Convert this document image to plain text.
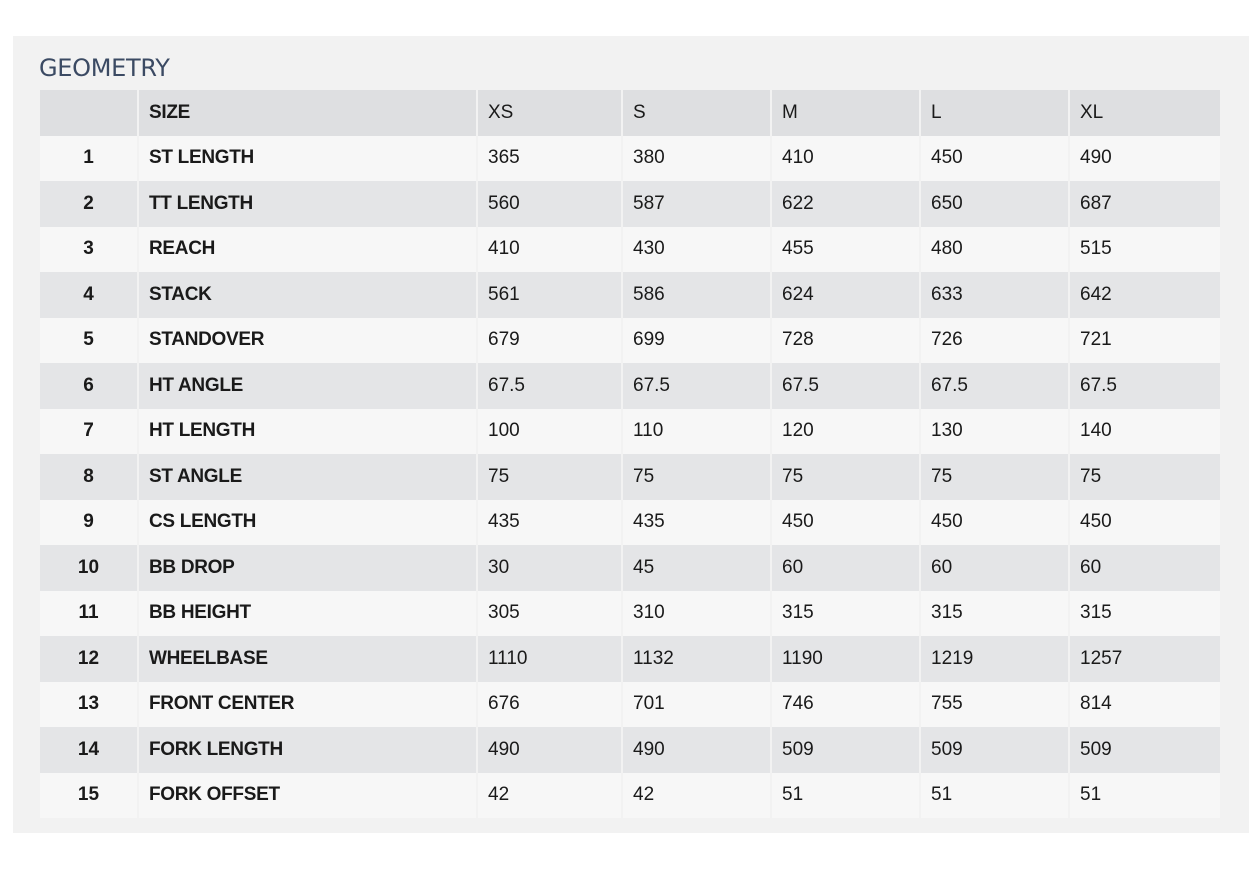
GEOMETRY
	SIZE	XS	S	M	L	XL
1	ST LENGTH	365	380	410	450	490
2	TT LENGTH	560	587	622	650	687
3	REACH	410	430	455	480	515
4	STACK	561	586	624	633	642
5	STANDOVER	679	699	728	726	721
6	HT ANGLE	67.5	67.5	67.5	67.5	67.5
7	HT LENGTH	100	110	120	130	140
8	ST ANGLE	75	75	75	75	75
9	CS LENGTH	435	435	450	450	450
10	BB DROP	30	45	60	60	60
11	BB HEIGHT	305	310	315	315	315
12	WHEELBASE	1110	1132	1190	1219	1257
13	FRONT CENTER	676	701	746	755	814
14	FORK LENGTH	490	490	509	509	509
15	FORK OFFSET	42	42	51	51	51
